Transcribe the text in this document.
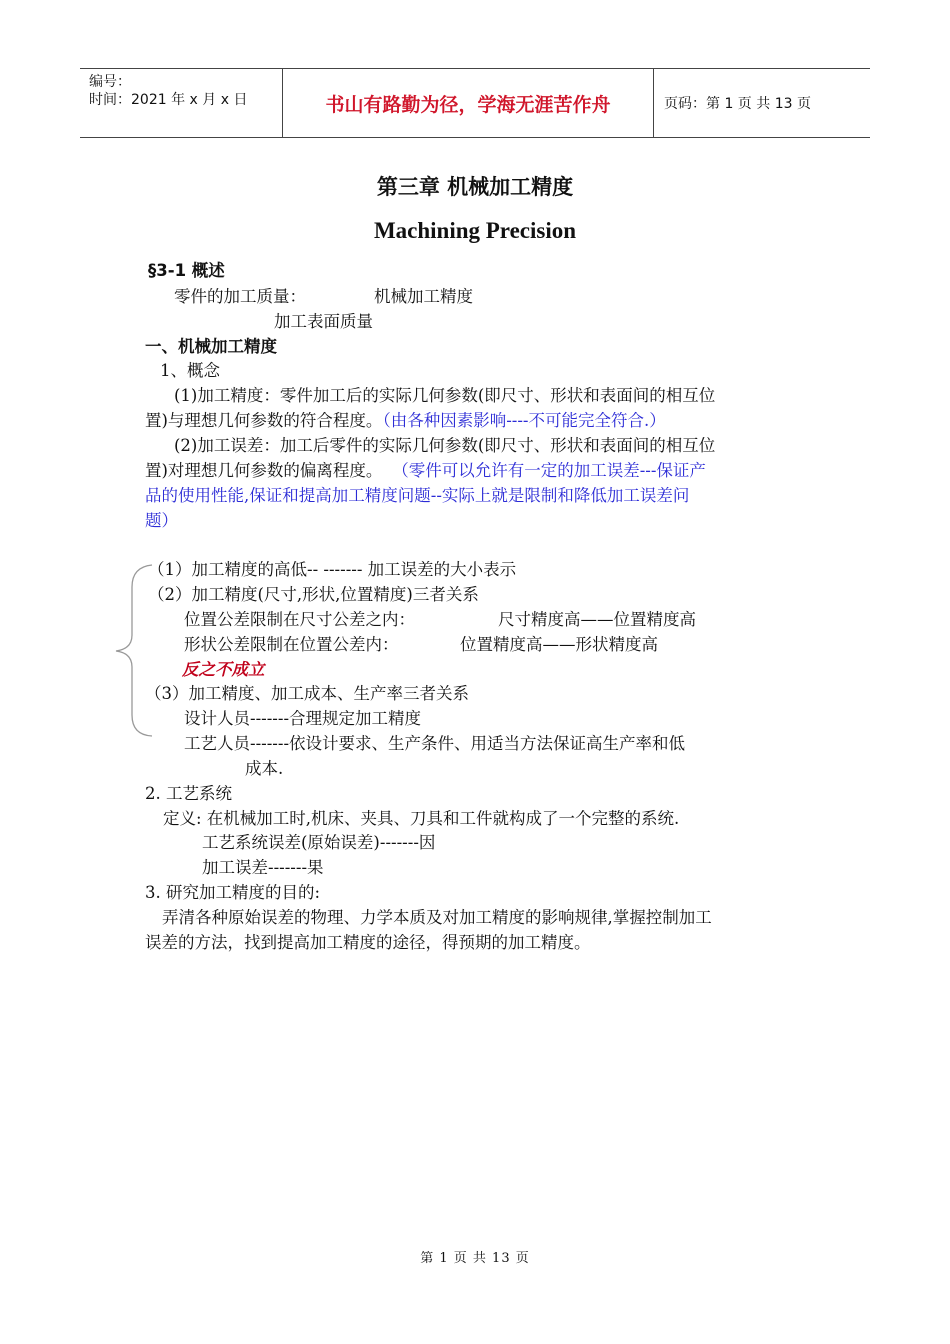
编号：
时间：2021 年 x 月 x 日	书山有路勤为径，学海无涯苦作舟	页码：第 1 页 共 13 页
第三章 机械加工精度
Machining Precision
§3-1 概述
零件的加工质量：	机械加工精度
加工表面质量
一、机械加工精度
1、概念
(1)加工精度：零件加工后的实际几何参数(即尺寸、形状和表面间的相互位
置)与理想几何参数的符合程度。（由各种因素影响----不可能完全符合.）
(2)加工误差：加工后零件的实际几何参数(即尺寸、形状和表面间的相互位
置)对理想几何参数的偏离程度。 （零件可以允许有一定的加工误差---保证产
品的使用性能,保证和提高加工精度问题--实际上就是限制和降低加工误差问
题）
（1）加工精度的高低-- ------- 加工误差的大小表示
（2）加工精度(尺寸,形状,位置精度)三者关系
位置公差限制在尺寸公差之内：	尺寸精度高——位置精度高
形状公差限制在位置公差内：	位置精度高——形状精度高
反之不成立
（3）加工精度、加工成本、生产率三者关系
设计人员-------合理规定加工精度
工艺人员-------依设计要求、生产条件、用适当方法保证高生产率和低
成本.
2. 工艺系统
定义: 在机械加工时,机床、夹具、刀具和工件就构成了一个完整的系统.
工艺系统误差(原始误差)-------因
加工误差-------果
3. 研究加工精度的目的:
弄清各种原始误差的物理、力学本质及对加工精度的影响规律,掌握控制加工
误差的方法，找到提高加工精度的途径，得预期的加工精度。
第 1 页 共 13 页
